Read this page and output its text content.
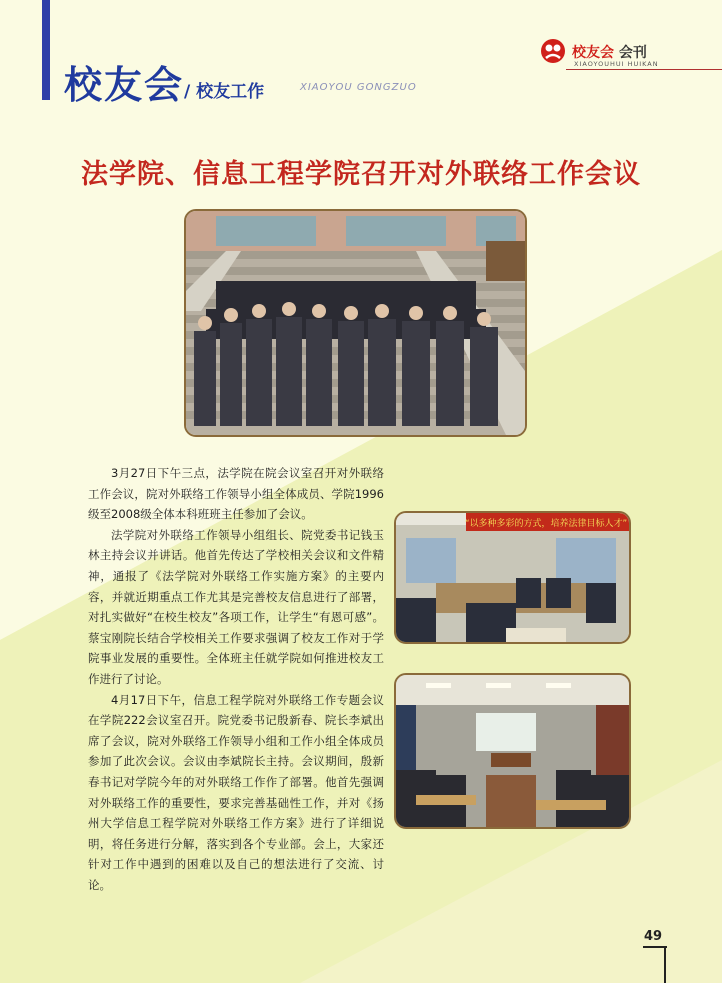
校友会 / 校友工作	XIAOYOU GONGZUO
校友会 会刊
XIAOYOUHUI HUIKAN
法学院、信息工程学院召开对外联络工作会议
“以多种多彩的方式，培养法律目标人才”

3月27日下午三点，法学院在院会议室召开对外联络工作会议，院对外联络工作领导小组全体成员、学院1996级至2008级全体本科班班主任参加了会议。

法学院对外联络工作领导小组组长、院党委书记钱玉林主持会议并讲话。他首先传达了学校相关会议和文件精神，通报了《法学院对外联络工作实施方案》的主要内容，并就近期重点工作尤其是完善校友信息进行了部署，对扎实做好“在校生校友”各项工作，让学生“有恩可感”。蔡宝刚院长结合学校相关工作要求强调了校友工作对于学院事业发展的重要性。全体班主任就学院如何推进校友工作进行了讨论。

4月17日下午，信息工程学院对外联络工作专题会议在学院222会议室召开。院党委书记殷新春、院长李斌出席了会议，院对外联络工作领导小组和工作小组全体成员参加了此次会议。会议由李斌院长主持。会议期间，殷新春书记对学院今年的对外联络工作作了部署。他首先强调对外联络工作的重要性，要求完善基础性工作，并对《扬州大学信息工程学院对外联络工作方案》进行了详细说明，将任务进行分解，落实到各个专业部。会上，大家还针对工作中遇到的困难以及自己的想法进行了交流、讨论。

49
